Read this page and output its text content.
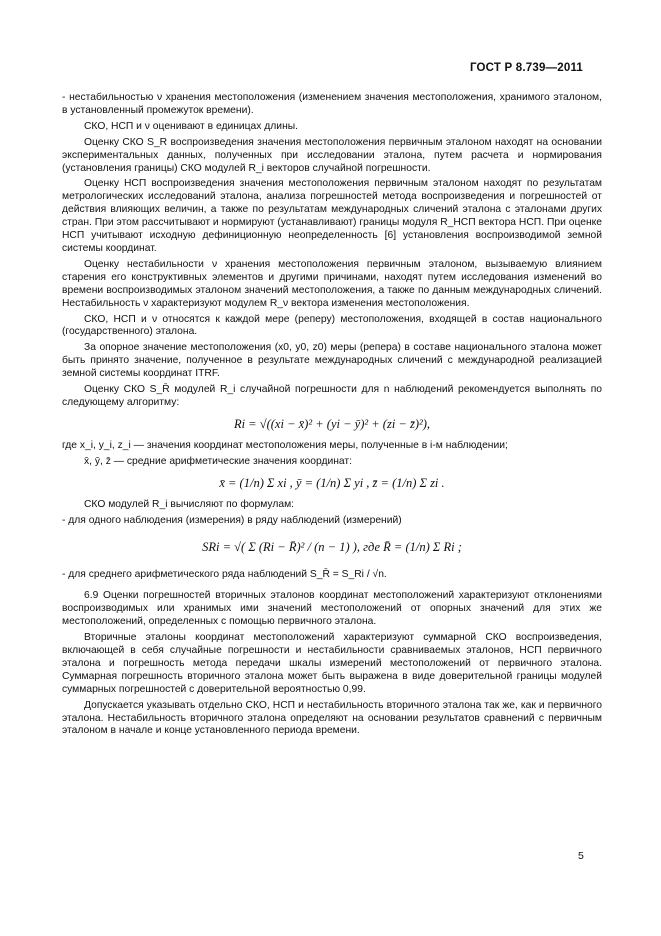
ГОСТ Р 8.739—2011

- нестабильностью ν хранения местоположения (изменением значения местоположения, хранимого эталоном, в установленный промежуток времени).

СКО, НСП и ν оценивают в единицах длины.

Оценку СКО S_R воспроизведения значения местоположения первичным эталоном находят на основании экспериментальных данных, полученных при исследовании эталона, путем расчета и нормирования (установления границы) СКО модулей R_i векторов случайной погрешности.

Оценку НСП воспроизведения значения местоположения первичным эталоном находят по результатам метрологических исследований эталона, анализа погрешностей метода воспроизведения и погрешностей от действия влияющих величин, а также по результатам международных сличений эталона с эталонами других стран. При этом рассчитывают и нормируют (устанавливают) границы модуля R_НСП вектора НСП. При оценке НСП учитывают исходную дефиниционную неопределенность [6] установления воспроизводимой земной системы координат.

Оценку нестабильности ν хранения местоположения первичным эталоном, вызываемую влиянием старения его конструктивных элементов и другими причинами, находят путем исследования изменений во времени воспроизводимых эталоном значений местоположения, а также по данным международных сличений. Нестабильность ν характеризуют модулем R_ν вектора изменения местоположения.

СКО, НСП и ν относятся к каждой мере (реперу) местоположения, входящей в состав национального (государственного) эталона.

За опорное значение местоположения (x0, y0, z0) меры (репера) в составе национального эталона может быть принято значение, полученное в результате международных сличений с международной реализацией земной системы координат ITRF.

Оценку СКО S_R̄ модулей R_i случайной погрешности для n наблюдений рекомендуется выполнять по следующему алгоритму:

Ri = √((xi − x̄)² + (yi − ȳ)² + (zi − z̄)²),

где x_i, y_i, z_i — значения координат местоположения меры, полученные в i-м наблюдении;

x̄, ȳ, z̄ — средние арифметические значения координат:

x̄ = (1/n) Σ xi , ȳ = (1/n) Σ yi , z̄ = (1/n) Σ zi .

СКО модулей R_i вычисляют по формулам:

- для одного наблюдения (измерения) в ряду наблюдений (измерений)

SRi = √( Σ (Ri − R̄)² / (n − 1) ), где R̄ = (1/n) Σ Ri ;

- для среднего арифметического ряда наблюдений S_R̄ = S_Ri / √n.

6.9 Оценки погрешностей вторичных эталонов координат местоположений характеризуют отклонениями воспроизводимых или хранимых ими значений местоположений от опорных значений для этих же местоположений, определенных с помощью первичного эталона.

Вторичные эталоны координат местоположений характеризуют суммарной СКО воспроизведения, включающей в себя случайные погрешности и нестабильности сравниваемых эталонов, НСП первичного эталона и погрешность метода передачи шкалы измерений местоположений от первичного эталона. Суммарная погрешность вторичного эталона может быть выражена в виде доверительной границы модулей суммарных погрешностей с доверительной вероятностью 0,99.

Допускается указывать отдельно СКО, НСП и нестабильность вторичного эталона так же, как и первичного эталона. Нестабильность вторичного эталона определяют на основании результатов сравнений с первичным эталоном в начале и конце установленного периода времени.

5
